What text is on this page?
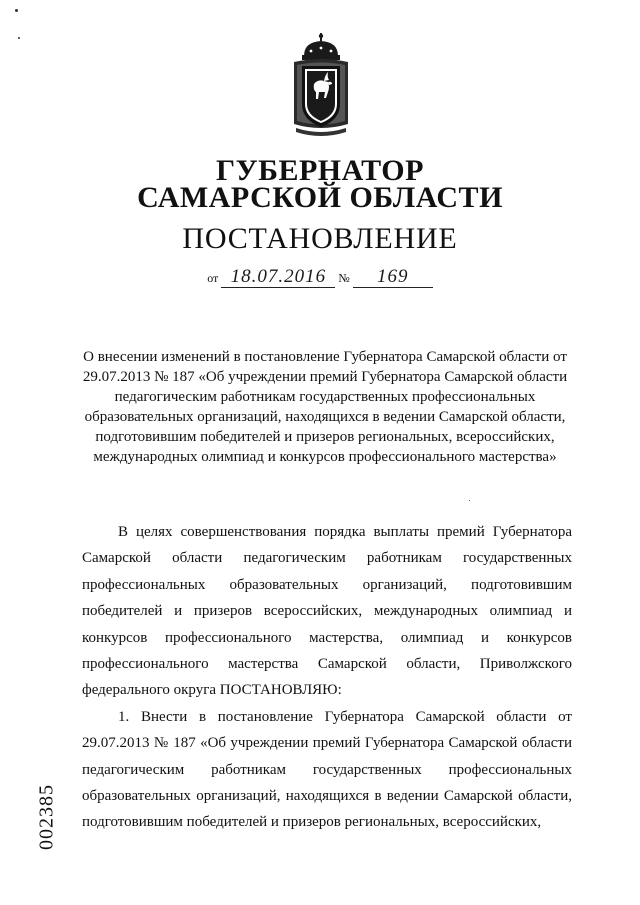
ГУБЕРНАТОР
САМАРСКОЙ ОБЛАСТИ
ПОСТАНОВЛЕНИЕ
от 18.07.2016 № 169
О внесении изменений в постановление Губернатора Самарской области от 29.07.2013 № 187 «Об учреждении премий Губернатора Самарской области педагогическим работникам государственных профессиональных образовательных организаций, находящихся в ведении Самарской области, подготовившим победителей и призеров региональных, всероссийских, международных олимпиад и конкурсов профессионального мастерства»

В целях совершенствования порядка выплаты премий Губернатора Самарской области педагогическим работникам государственных профессиональных образовательных организаций, подготовившим победителей и призеров всероссийских, международных олимпиад и конкурсов профессионального мастерства, олимпиад и конкурсов профессионального мастерства Самарской области, Приволжского федерального округа ПОСТАНОВЛЯЮ:

1. Внести в постановление Губернатора Самарской области от 29.07.2013 № 187 «Об учреждении премий Губернатора Самарской области педагогическим работникам государственных профессиональных образовательных организаций, находящихся в ведении Самарской области, подготовившим победителей и призеров региональных, всероссийских,

002385
